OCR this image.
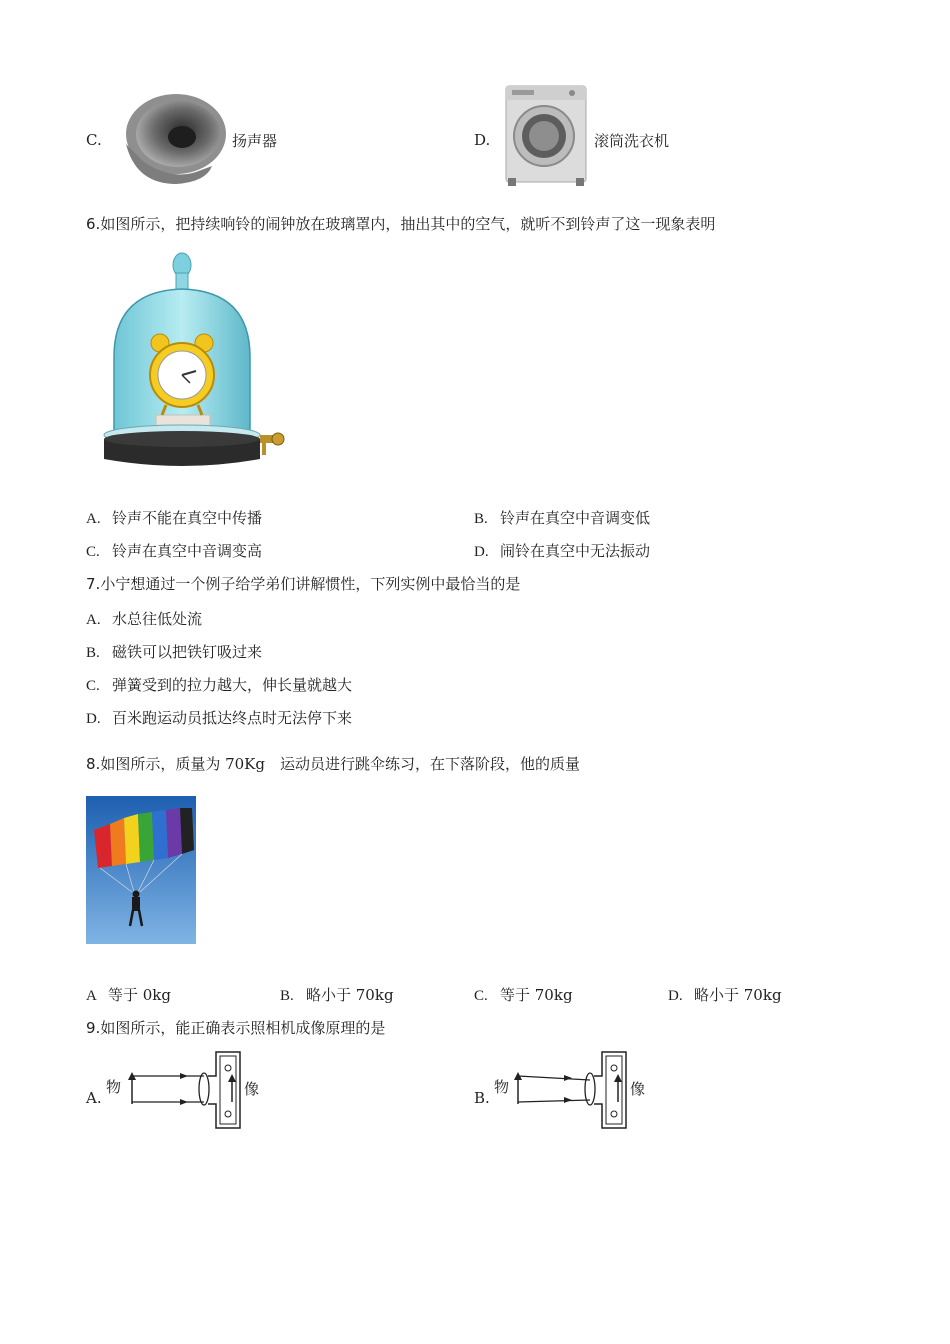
C.	扬声器	D.	滚筒洗衣机
6.如图所示，把持续响铃的闹钟放在玻璃罩内，抽出其中的空气，就听不到铃声了这一现象表明
A. 铃声不能在真空中传播	B. 铃声在真空中音调变低
C. 铃声在真空中音调变高	D. 闹铃在真空中无法振动
7.小宁想通过一个例子给学弟们讲解惯性，下列实例中最恰当的是
A. 水总往低处流
B. 磁铁可以把铁钉吸过来
C. 弹簧受到的拉力越大，伸长量就越大
D. 百米跑运动员抵达终点时无法停下来
8.如图所示，质量为 70Kg　运动员进行跳伞练习，在下落阶段，他的质量
A 等于 0kg	B. 略小于 70kg	C. 等于 70kg	D. 略小于 70kg
9.如图所示，能正确表示照相机成像原理的是
A.
物	像	B.
物	像
